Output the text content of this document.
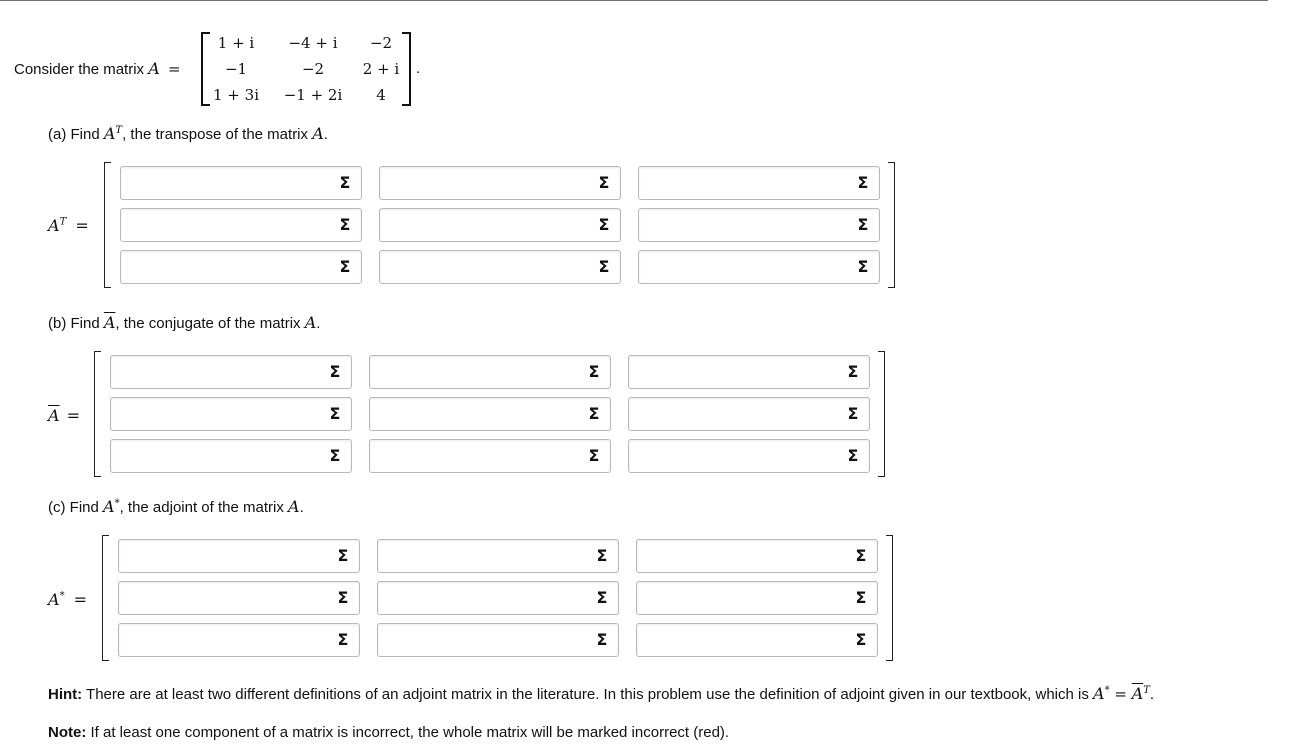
Consider the matrix A =
1 + i	−4 + i	−2
−1	−2	2 + i
1 + 3i	−1 + 2i	4
.
(a) Find $A^T$, the transpose of the matrix A.
$A^T$ =
Σ	Σ	Σ
Σ	Σ	Σ
Σ	Σ	Σ
(b) Find $\overline{A}$, the conjugate of the matrix A.
$\overline{A}$ =
Σ	Σ	Σ
Σ	Σ	Σ
Σ	Σ	Σ
(c) Find A*, the adjoint of the matrix A.
A* =
Σ	Σ	Σ
Σ	Σ	Σ
Σ	Σ	Σ
Hint: There are at least two different definitions of an adjoint matrix in the literature. In this problem use the definition of adjoint given in our textbook, which is $A^* = \overline{A}^T$.
Note: If at least one component of a matrix is incorrect, the whole matrix will be marked incorrect (red).
